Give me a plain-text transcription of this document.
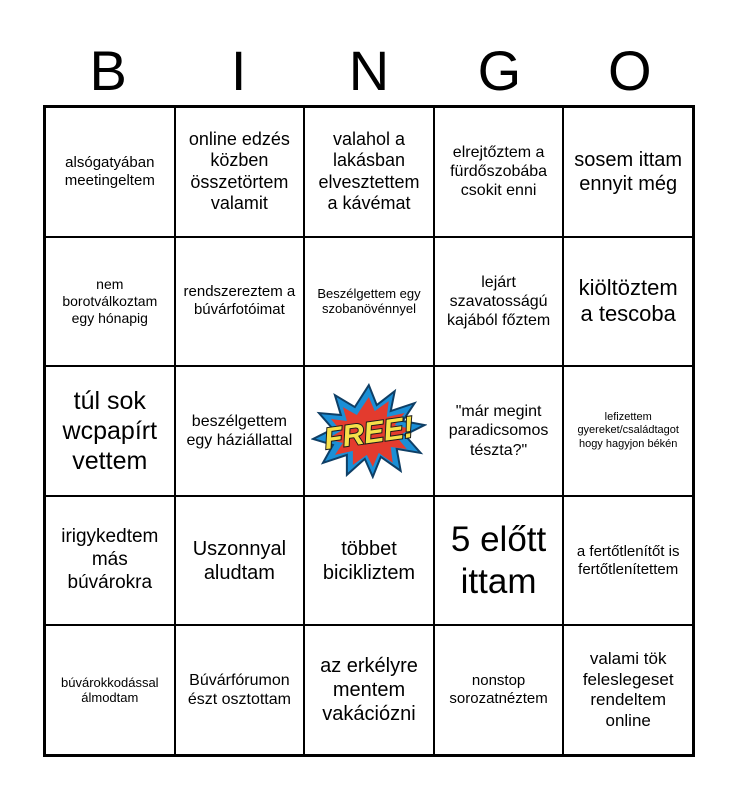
B	I	N	G	O
alsógatyában meetingeltem
online edzés közben összetörtem valamit
valahol a lakásban elvesztettem a kávémat
elrejtőztem a fürdőszobába csokit enni
sosem ittam ennyit még
nem borotválkoztam egy hónapig
rendszereztem a búvárfotóimat
Beszélgettem egy szobanövénnyel
lejárt szavatosságú kajából főztem
kiöltöztem a tescoba
túl sok wcpapírt vettem
beszélgettem egy háziállattal FREE!	"már megint paradicsomos tészta?"
lefizettem gyereket/családtagot hogy hagyjon békén
irigykedtem más búvárokra
Uszonnyal aludtam
többet bicikliztem
5 előtt ittam
a fertőtlenítőt is fertőtlenítettem
búvárokkodással álmodtam
Búvárfórumon észt osztottam
az erkélyre mentem vakációzni
nonstop sorozatnéztem
valami tök feleslegeset rendeltem online
